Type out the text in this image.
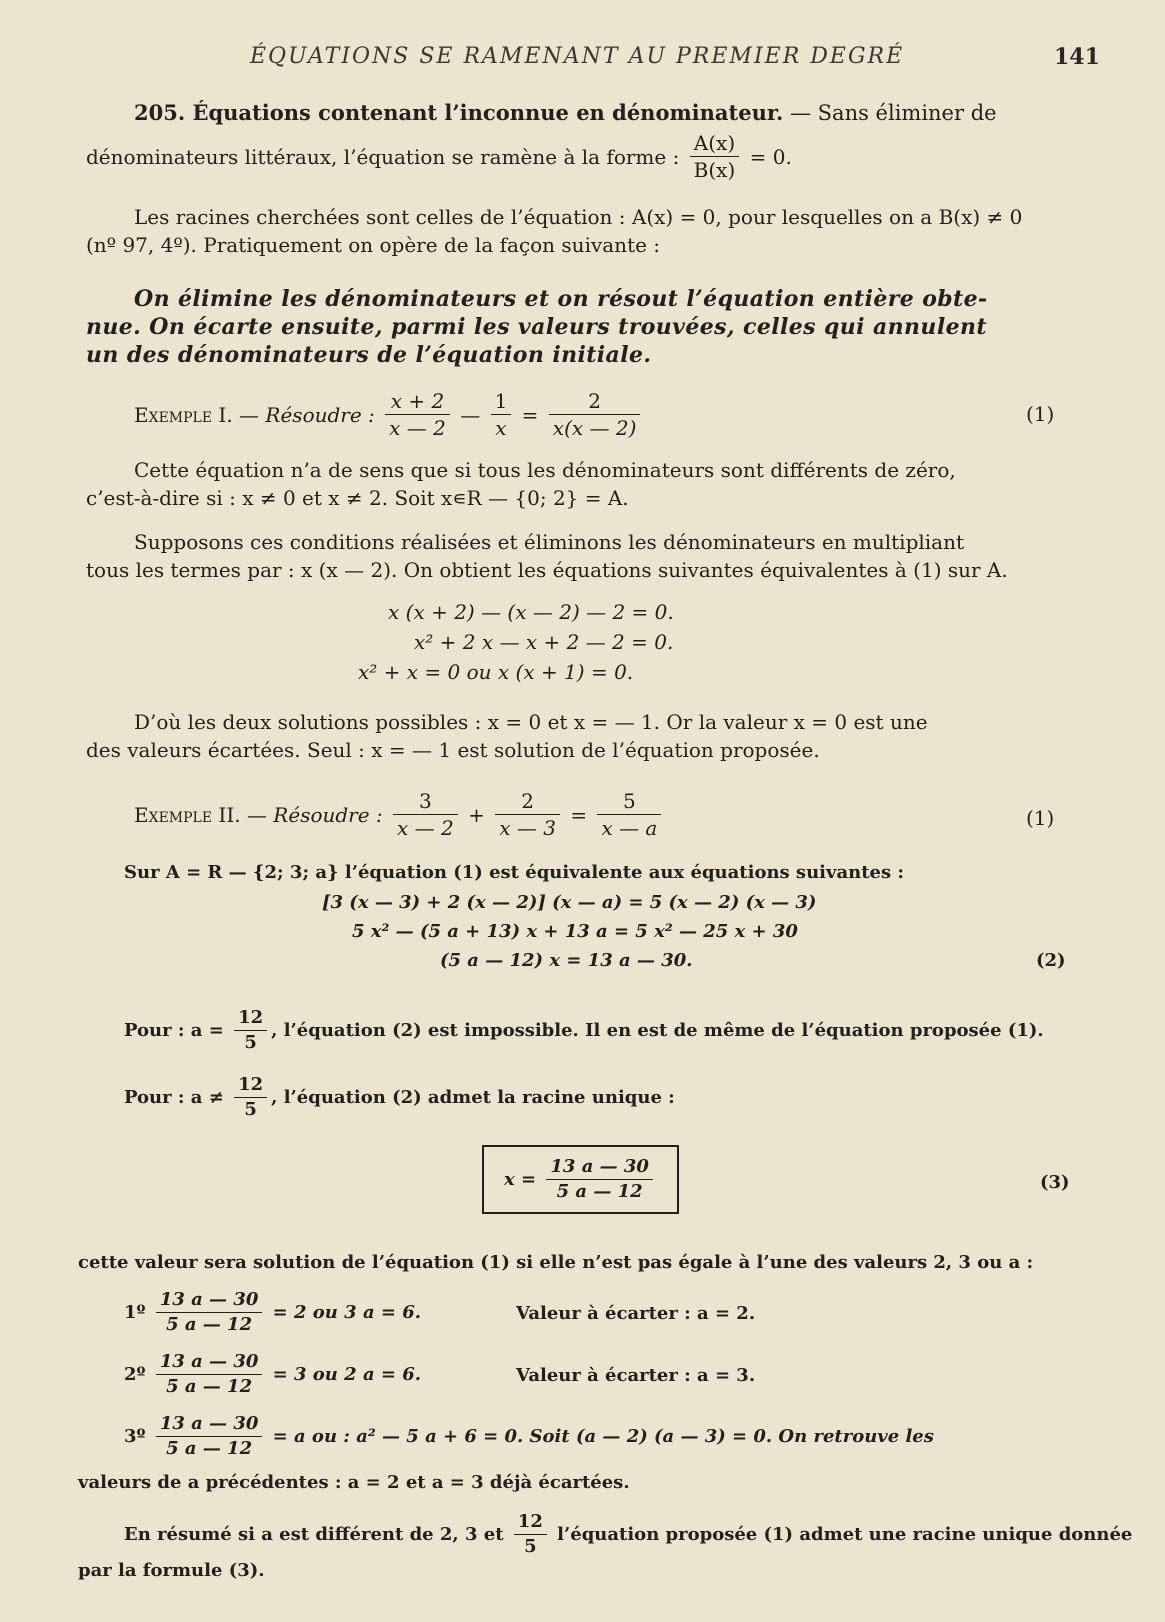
ÉQUATIONS SE RAMENANT AU PREMIER DEGRÉ	141
205. Équations contenant l’inconnue en dénominateur. — Sans éliminer de
dénominateurs littéraux, l’équation se ramène à la forme : $\frac{A(x)}{B(x)} = 0$.
Les racines cherchées sont celles de l’équation : A(x) = 0, pour lesquelles on a B(x) ≠ 0
(nº 97, 4º). Pratiquement on opère de la façon suivante :
On élimine les dénominateurs et on résout l’équation entière obte-
nue. On écarte ensuite, parmi les valeurs trouvées, celles qui annulent
un des dénominateurs de l’équation initiale.
Exemple I. — Résoudre : $\frac{x + 2}{x — 2}$ — $\frac{1}{x} = \frac{2}{x(x — 2)}$	(1)
Cette équation n’a de sens que si tous les dénominateurs sont différents de zéro,
c’est-à-dire si : x ≠ 0 et x ≠ 2. Soit x∊R — {0; 2} = A.
Supposons ces conditions réalisées et éliminons les dénominateurs en multipliant
tous les termes par : x (x — 2). On obtient les équations suivantes équivalentes à (1) sur A.
x (x + 2) — (x — 2) — 2 = 0.
x² + 2 x — x + 2 — 2 = 0.
x² + x = 0 ou x (x + 1) = 0.
D’où les deux solutions possibles : x = 0 et x = — 1. Or la valeur x = 0 est une
des valeurs écartées. Seul : x = — 1 est solution de l’équation proposée.
Exemple II. — Résoudre : $\frac{3}{x — 2} + \frac{2}{x — 3} = \frac{5}{x — a}$	(1)
Sur A = R — {2; 3; a} l’équation (1) est équivalente aux équations suivantes :
[3 (x — 3) + 2 (x — 2)] (x — a) = 5 (x — 2) (x — 3)
5 x² — (5 a + 13) x + 13 a = 5 x² — 25 x + 30
(5 a — 12) x = 13 a — 30.	(2)
Pour : $a = \frac{12}{5}$ , l’équation (2) est impossible. Il en est de même de l’équation proposée (1).
Pour : $a \ne \frac{12}{5}$ , l’équation (2) admet la racine unique :
$x = \frac{13 a — 30}{5 a — 12}$	(3)
cette valeur sera solution de l’équation (1) si elle n’est pas égale à l’une des valeurs 2, 3 ou a :
1º $\frac{13 a — 30}{5 a — 12} = 2$ ou 3 a = 6.	Valeur à écarter : a = 2.
2º $\frac{13 a — 30}{5 a — 12} = 3$ ou 2 a = 6.	Valeur à écarter : a = 3.
3º $\frac{13 a — 30}{5 a — 12} = a$ ou : a² — 5 a + 6 = 0. Soit (a — 2) (a — 3) = 0. On retrouve les
valeurs de a précédentes : a = 2 et a = 3 déjà écartées.
En résumé si a est différent de 2, 3 et $\frac{12}{5}$ l’équation proposée (1) admet une racine unique donnée
par la formule (3).
